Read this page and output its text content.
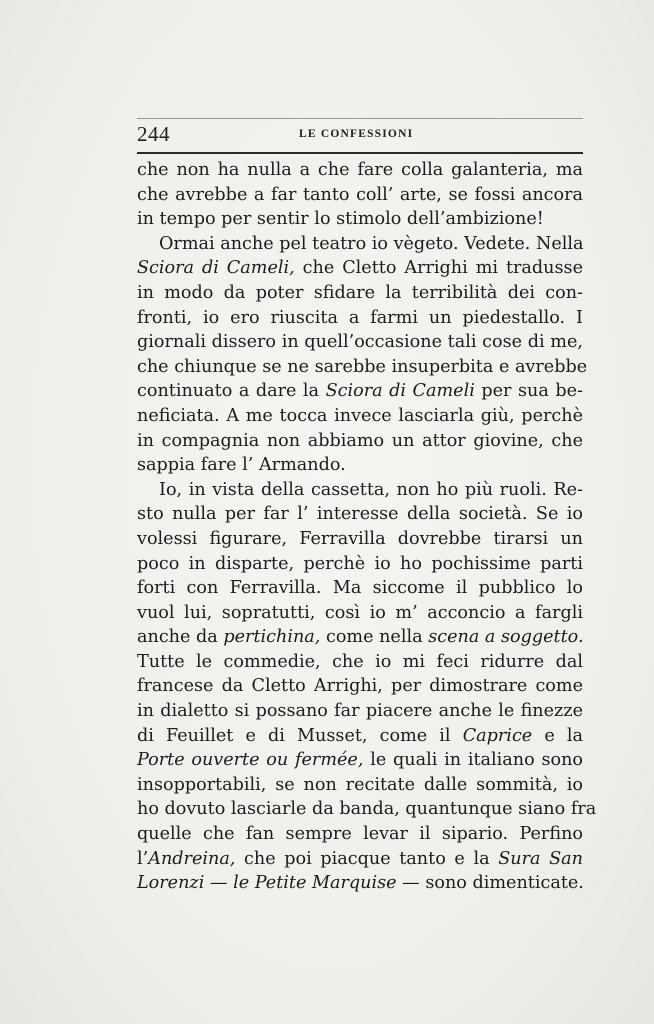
244	LE CONFESSIONI
che non ha nulla a che fare colla galanteria, ma
che avrebbe a far tanto coll’ arte, se fossi ancora
in tempo per sentir lo stimolo dell’ambizione!
Ormai anche pel teatro io vègeto. Vedete. Nella
Sciora di Cameli, che Cletto Arrighi mi tradusse
in modo da poter sfidare la terribilità dei con-
fronti, io ero riuscita a farmi un piedestallo. I
giornali dissero in quell’occasione tali cose di me,
che chiunque se ne sarebbe insuperbita e avrebbe
continuato a dare la Sciora di Cameli per sua be-
neficiata. A me tocca invece lasciarla giù, perchè
in compagnia non abbiamo un attor giovine, che
sappia fare l’ Armando.
Io, in vista della cassetta, non ho più ruoli. Re-
sto nulla per far l’ interesse della società. Se io
volessi figurare, Ferravilla dovrebbe tirarsi un
poco in disparte, perchè io ho pochissime parti
forti con Ferravilla. Ma siccome il pubblico lo
vuol lui, sopratutti, così io m’ acconcio a fargli
anche da pertichina, come nella scena a soggetto.
Tutte le commedie, che io mi feci ridurre dal
francese da Cletto Arrighi, per dimostrare come
in dialetto si possano far piacere anche le finezze
di Feuillet e di Musset, come il Caprice e la
Porte ouverte ou fermée, le quali in italiano sono
insopportabili, se non recitate dalle sommità, io
ho dovuto lasciarle da banda, quantunque siano fra
quelle che fan sempre levar il sipario. Perfino
l’Andreina, che poi piacque tanto e la Sura San
Lorenzi — le Petite Marquise — sono dimenticate.
